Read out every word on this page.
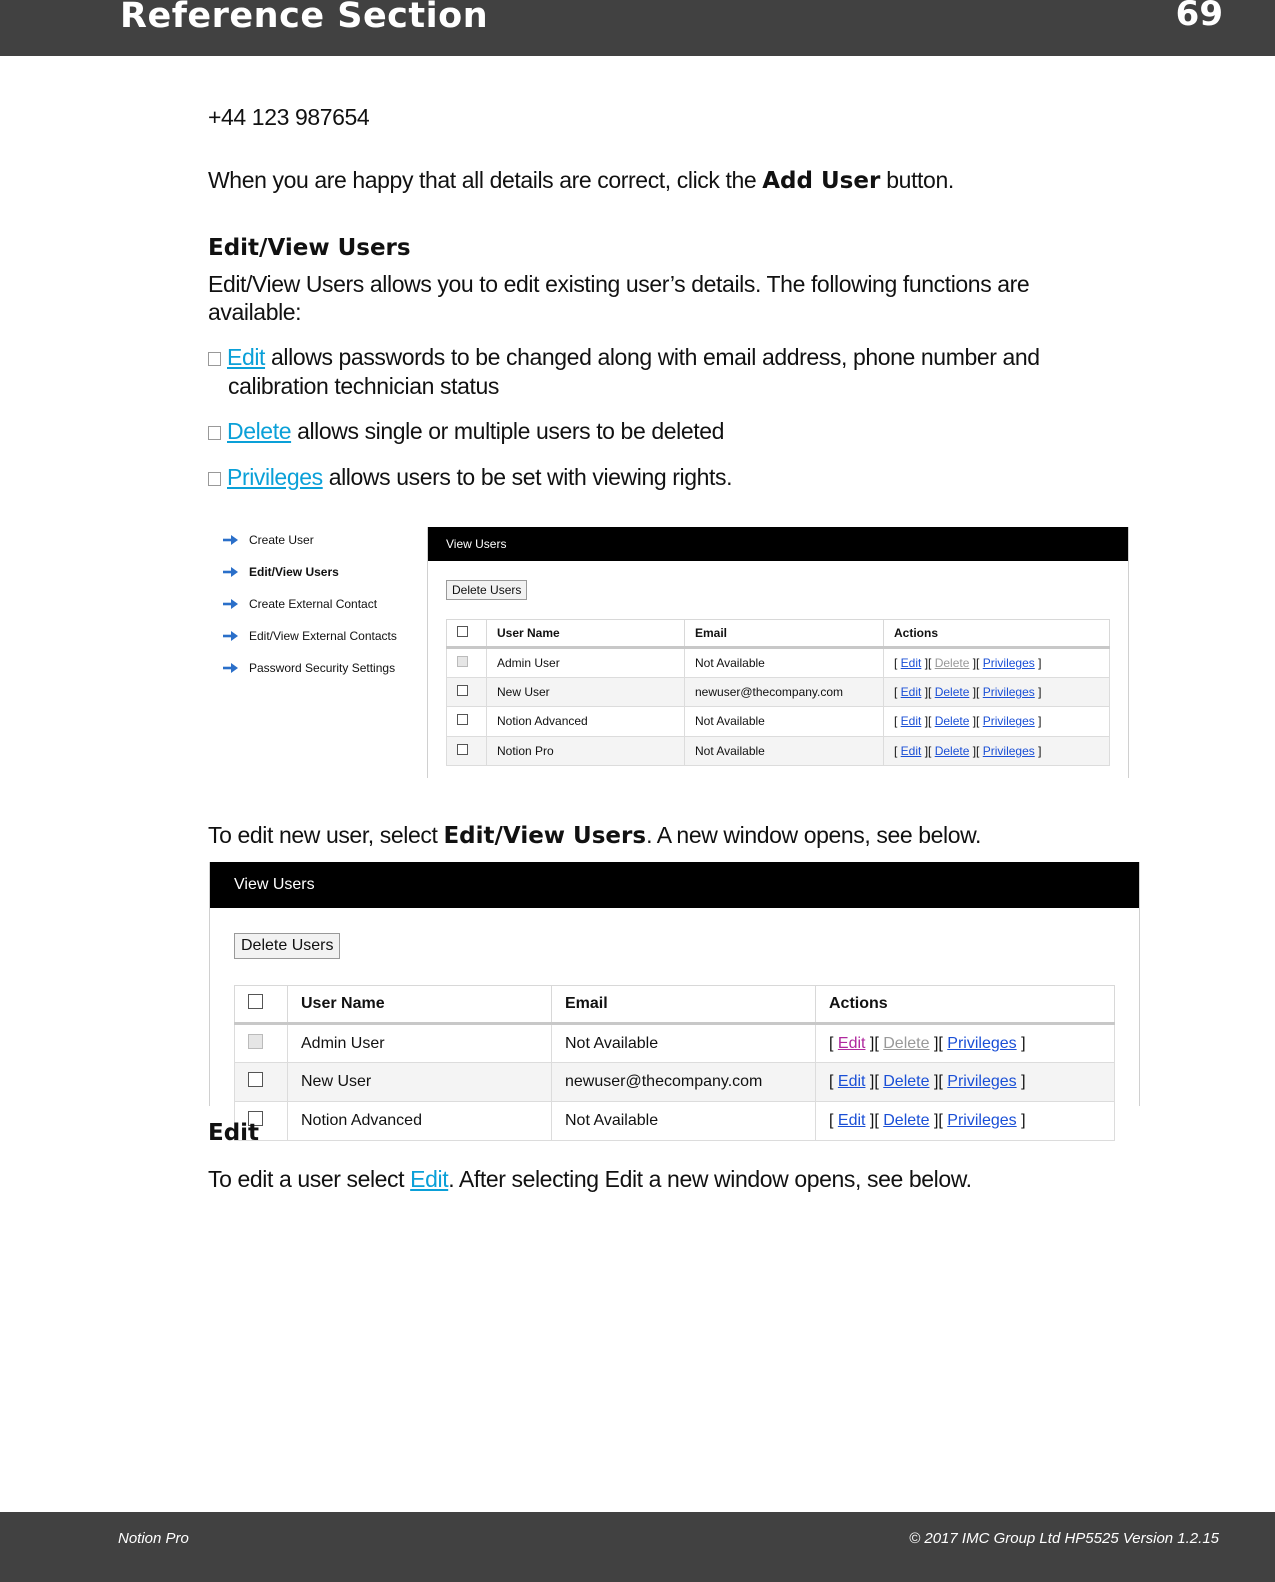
Reference Section	69
+44 123 987654
When you are happy that all details are correct, click the Add User button.
Edit/View Users
Edit/View Users allows you to edit existing user’s details. The following functions are
available:
Edit allows passwords to be changed along with email address, phone number and
calibration technician status
Delete allows single or multiple users to be deleted
Privileges allows users to be set with viewing rights.
Create User
Edit/View Users
Create External Contact
Edit/View External Contacts
Password Security Settings
View Users
Delete Users
	User Name	Email	Actions
	Admin User	Not Available	[ Edit ][ Delete ][ Privileges ]
	New User	newuser@thecompany.com	[ Edit ][ Delete ][ Privileges ]
	Notion Advanced	Not Available	[ Edit ][ Delete ][ Privileges ]
	Notion Pro	Not Available	[ Edit ][ Delete ][ Privileges ]
To edit new user, select Edit/View Users. A new window opens, see below.
View Users
Delete Users
	User Name	Email	Actions
	Admin User	Not Available	[ Edit ][ Delete ][ Privileges ]
	New User	newuser@thecompany.com	[ Edit ][ Delete ][ Privileges ]
	Notion Advanced	Not Available	[ Edit ][ Delete ][ Privileges ]
Edit
To edit a user select Edit. After selecting Edit a new window opens, see below.
Notion Pro	© 2017 IMC Group Ltd HP5525 Version 1.2.15
